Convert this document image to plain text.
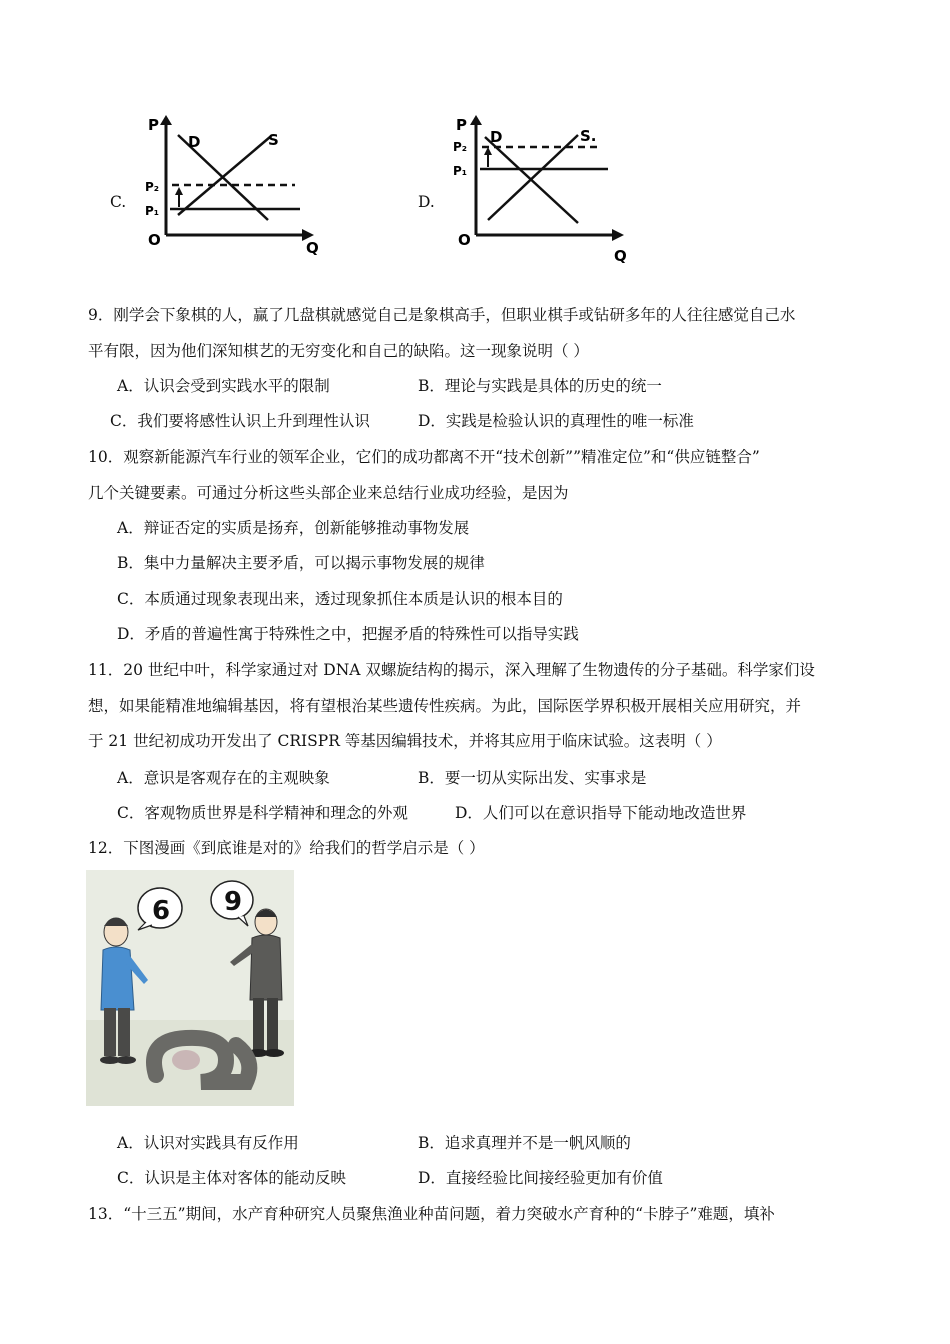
C.
P
D	S
P₂
P₁
O	Q
D.
P
D	S.
P₂
P₁
O
Q
9．刚学会下象棋的人，赢了几盘棋就感觉自己是象棋高手，但职业棋手或钻研多年的人往往感觉自己水
平有限，因为他们深知棋艺的无穷变化和自己的缺陷。这一现象说明（ ）
A．认识会受到实践水平的限制	B．理论与实践是具体的历史的统一
C．我们要将感性认识上升到理性认识	D．实践是检验认识的真理性的唯一标准
10．观察新能源汽车行业的领军企业，它们的成功都离不开“技术创新””精准定位”和“供应链整合”
几个关键要素。可通过分析这些头部企业来总结行业成功经验，是因为
A．辩证否定的实质是扬弃，创新能够推动事物发展
B．集中力量解决主要矛盾，可以揭示事物发展的规律
C．本质通过现象表现出来，透过现象抓住本质是认识的根本目的
D．矛盾的普遍性寓于特殊性之中，把握矛盾的特殊性可以指导实践
11．20 世纪中叶，科学家通过对 DNA 双螺旋结构的揭示，深入理解了生物遗传的分子基础。科学家们设
想，如果能精准地编辑基因，将有望根治某些遗传性疾病。为此，国际医学界积极开展相关应用研究，并
于 21 世纪初成功开发出了 CRISPR 等基因编辑技术，并将其应用于临床试验。这表明（ ）
A．意识是客观存在的主观映象	B．要一切从实际出发、实事求是
C．客观物质世界是科学精神和理念的外观	D．人们可以在意识指导下能动地改造世界
12．下图漫画《到底谁是对的》给我们的哲学启示是（ ）
6 9
A．认识对实践具有反作用	B．追求真理并不是一帆风顺的
C．认识是主体对客体的能动反映	D．直接经验比间接经验更加有价值
13．“十三五”期间，水产育种研究人员聚焦渔业种苗问题，着力突破水产育种的“卡脖子”难题，填补
